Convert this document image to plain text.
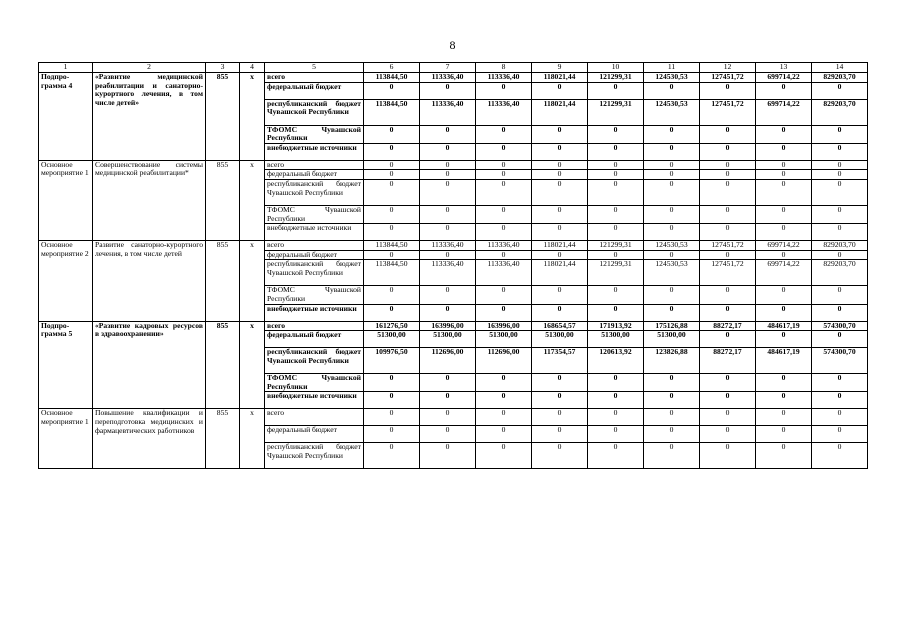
8
1	2	3	4	5	6	7	8	9	10	11	12	13	14
Подпро-грамма 4	«Развитие медицинской реабилитации и санаторно-курортного лечения, в том числе детей»	855	x	всего	113844,50	113336,40	113336,40	118021,44	121299,31	124530,53	127451,72	699714,22	829203,70
				федеральный бюджет	0	0	0	0	0	0	0	0	0
				республиканский бюджет Чувашской Республики	113844,50	113336,40	113336,40	118021,44	121299,31	124530,53	127451,72	699714,22	829203,70
				ТФОМС Чувашской Республики	0	0	0	0	0	0	0	0	0
				внебюджетные источники	0	0	0	0	0	0	0	0	0
Основное мероприятие 1	Совершенствование системы медицинской реабилитации*	855	x	всего	0	0	0	0	0	0	0	0	0
				федеральный бюджет	0	0	0	0	0	0	0	0	0
				республиканский бюджет Чувашской Республики	0	0	0	0	0	0	0	0	0
				ТФОМС Чувашской Республики	0	0	0	0	0	0	0	0	0
				внебюджетные источники	0	0	0	0	0	0	0	0	0
Основное мероприятие 2	Развитие санаторно-курортного лечения, в том числе детей	855	x	всего	113844,50	113336,40	113336,40	118021,44	121299,31	124530,53	127451,72	699714,22	829203,70
				федеральный бюджет	0	0	0	0	0	0	0	0	0
				республиканский бюджет Чувашской Республики	113844,50	113336,40	113336,40	118021,44	121299,31	124530,53	127451,72	699714,22	829203,70
				ТФОМС Чувашской Республики	0	0	0	0	0	0	0	0	0
				внебюджетные источники	0	0	0	0	0	0	0	0	0
Подпро-грамма 5	«Развитие кадровых ресурсов в здравоохранении»	855	x	всего	161276,50	163996,00	163996,00	168654,57	171913,92	175126,88	88272,17	484617,19	574300,70
				федеральный бюджет	51300,00	51300,00	51300,00	51300,00	51300,00	51300,00	0	0	0
				республиканский бюджет Чувашской Республики	109976,50	112696,00	112696,00	117354,57	120613,92	123826,88	88272,17	484617,19	574300,70
				ТФОМС Чувашской Республики	0	0	0	0	0	0	0	0	0
				внебюджетные источники	0	0	0	0	0	0	0	0	0
Основное мероприятие 1	Повышение квалификации и переподготовка медицинских и фармацевтических работников	855	x	всего	0	0	0	0	0	0	0	0	0
				федеральный бюджет	0	0	0	0	0	0	0	0	0
				республиканский бюджет Чувашской Республики	0	0	0	0	0	0	0	0	0
